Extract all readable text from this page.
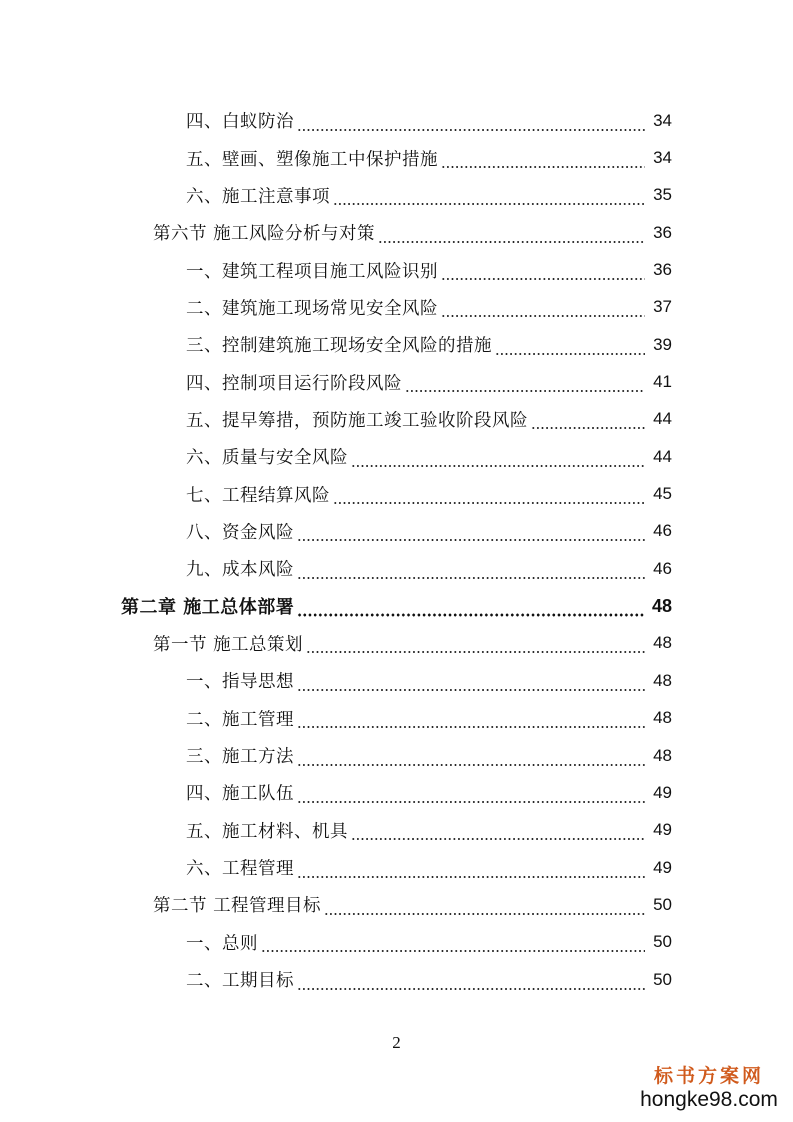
四、白蚁防治	34
五、壁画、塑像施工中保护措施	34
六、施工注意事项	35
第六节 施工风险分析与对策	36
一、建筑工程项目施工风险识别	36
二、建筑施工现场常见安全风险	37
三、控制建筑施工现场安全风险的措施	39
四、控制项目运行阶段风险	41
五、提早筹措，预防施工竣工验收阶段风险	44
六、质量与安全风险	44
七、工程结算风险	45
八、资金风险	46
九、成本风险	46
第二章 施工总体部署	48
第一节 施工总策划	48
一、指导思想	48
二、施工管理	48
三、施工方法	48
四、施工队伍	49
五、施工材料、机具	49
六、工程管理	49
第二节 工程管理目标	50
一、总则	50
二、工期目标	50
2
标书方案网
hongke98.com
